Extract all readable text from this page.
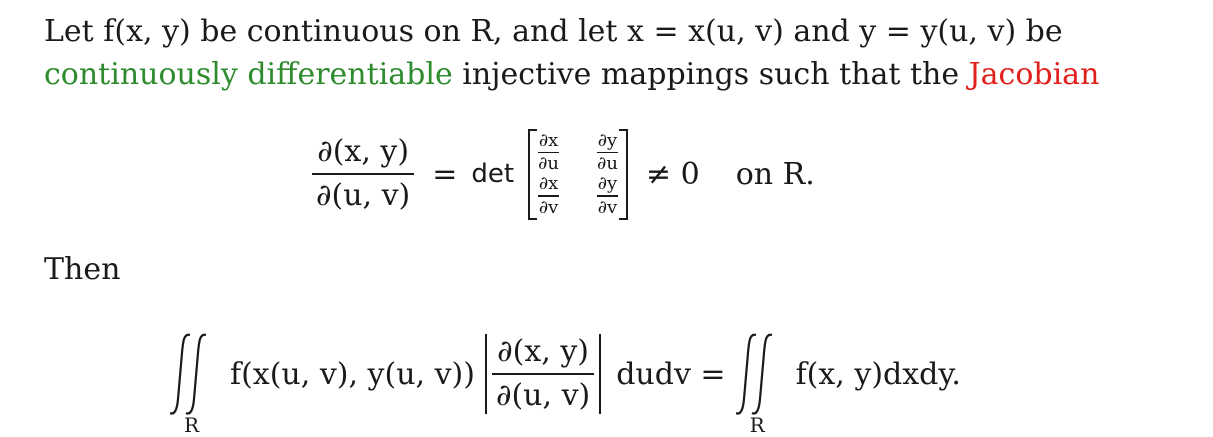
Let f(x, y) be continuous on R, and let x = x(u, v) and y = y(u, v) be
continuously differentiable injective mappings such that the Jacobian
$\frac{\partial(x, y)}{\partial(u, v)} = \det$
∂x
∂u
∂y
∂u
∂x
∂v
∂y
∂v
≠ 0 on R.
Then
R
f(x(u, v), y(u, $v)) \frac{\partial(x, y)}{\partial(u, v)}$ dudv =
R
f(x, y)dxdy.
